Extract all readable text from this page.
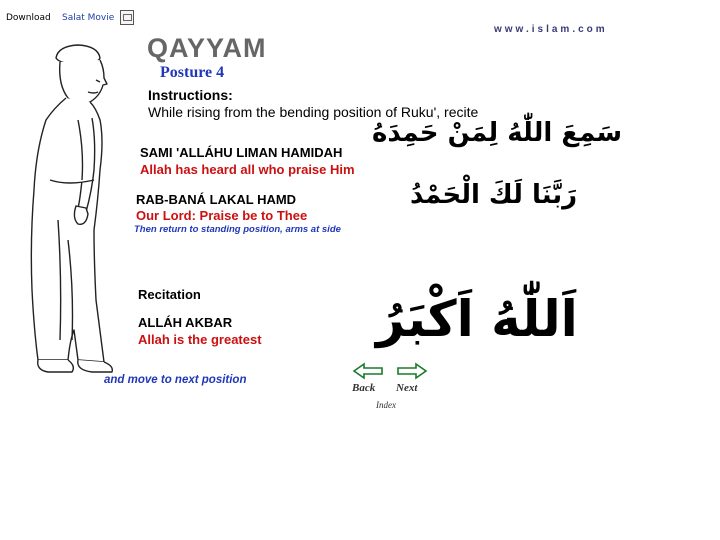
Download Salat Movie
www.islam.com
QAYYAM
Posture 4
Instructions:
While rising from the bending position of Ruku', recite
SAMI 'ALLÁHU LIMAN HAMIDAH
Allah has heard all who praise Him
سَمِعَ اللّٰهُ لِمَنْ حَمِدَهُ
RAB-BANÁ LAKAL HAMD
Our Lord: Praise be to Thee
رَبَّنَا لَكَ الْحَمْدُ
Then return to standing position, arms at side
Recitation
ALLÁH AKBAR
Allah is the greatest اَللّٰهُ اَكْبَرُ
and move to next position
Back Next
Index
